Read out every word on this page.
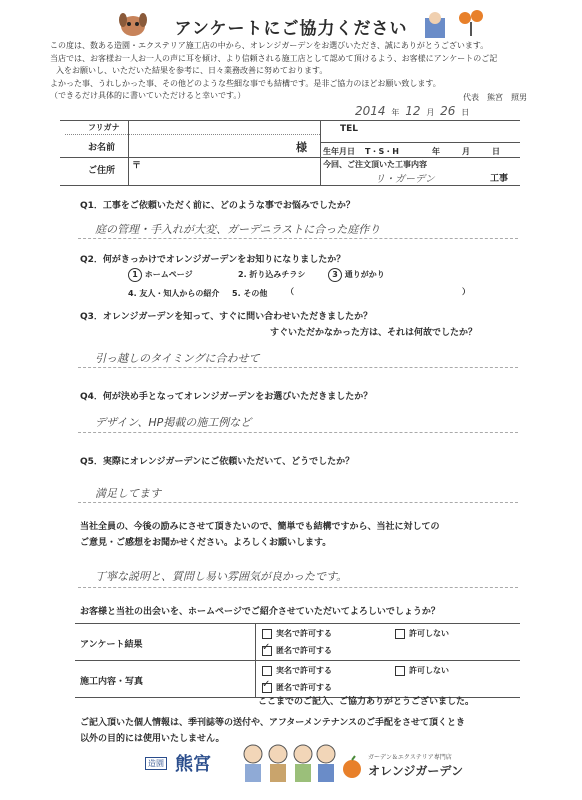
アンケートにご協力ください
この度は、数ある造園・エクステリア施工店の中から、オレンジガーデンをお選びいただき、誠にありがとうございます。
当店では、お客様お一人お一人の声に耳を傾け、より信頼される施工店として認めて頂けるよう、お客様にアンケートのご記
入をお願いし、いただいた結果を参考に、日々業務改善に努めております。
よかった事、うれしかった事、その他どのような些細な事でも結構です。是非ご協力のほどお願い致します。
（できるだけ具体的に書いていただけると幸いです。）	代表　熊宮　照男
2014 年 12 月 26 日
フリガナ
お名前	様
TEL
生年月日 T・S・H	年	月	日
ご住所 〒	今回、ご注文頂いた工事内容
リ・ガーデン	工事
Q1．工事をご依頼いただく前に、どのような事でお悩みでしたか？
庭の管理・手入れが大変、ガーデニラストに合った庭作り
Q2．何がきっかけでオレンジガーデンをお知りになりましたか？
1 ホームページ	2. 折り込みチラシ	3 通りがかり
4. 友人・知人からの紹介 5. その他 （	）
Q3．オレンジガーデンを知って、すぐに問い合わせいただきましたか？
すぐいただかなかった方は、それは何故でしたか？
引っ越しのタイミングに合わせて
Q4．何が決め手となってオレンジガーデンをお選びいただきましたか？
デザイン、HP掲載の施工例など
Q5．実際にオレンジガーデンにご依頼いただいて、どうでしたか？
満足してます
当社全員の、今後の励みにさせて頂きたいので、簡単でも結構ですから、当社に対しての
ご意見・ご感想をお聞かせください。よろしくお願いします。
丁寧な説明と、質問し易い雰囲気が良かったです。
お客様と当社の出会いを、ホームページでご紹介させていただいてよろしいでしょうか？
アンケート結果
実名で許可する	許可しない
✓匿名で許可する
施工内容・写真
実名で許可する	許可しない
✓匿名で許可する
ここまでのご記入、ご協力ありがとうございました。
ご記入頂いた個人情報は、季刊誌等の送付や、アフターメンテナンスのご手配をさせて頂くとき
以外の目的には使用いたしません。
造園 熊宮	ガーデン＆エクステリア専門店
オレンジガーデン
